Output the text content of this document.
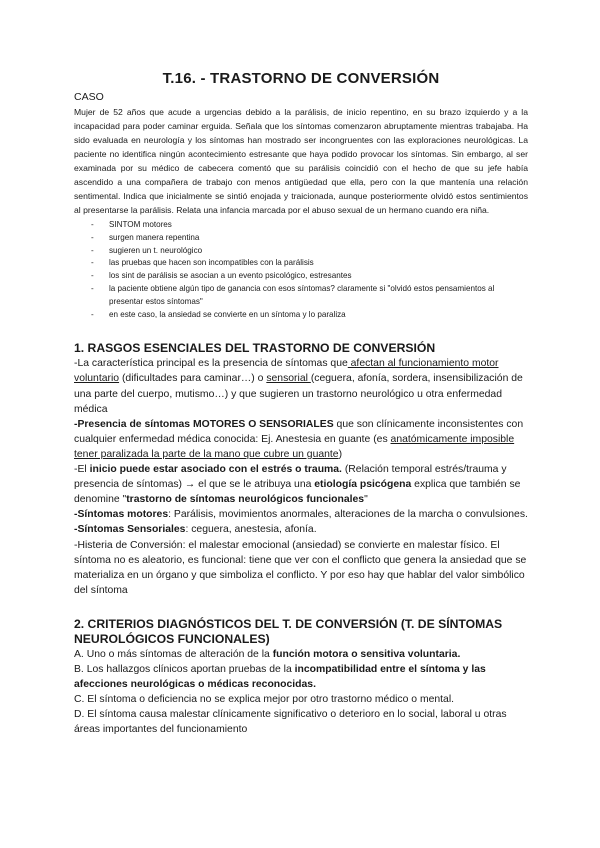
T.16. - TRASTORNO DE CONVERSIÓN
CASO

Mujer de 52 años que acude a urgencias debido a la parálisis, de inicio repentino, en su brazo izquierdo y a la incapacidad para poder caminar erguida. Señala que los síntomas comenzaron abruptamente mientras trabajaba. Ha sido evaluada en neurología y los síntomas han mostrado ser incongruentes con las exploraciones neurológicas. La paciente no identifica ningún acontecimiento estresante que haya podido provocar los síntomas. Sin embargo, al ser examinada por su médico de cabecera comentó que su parálisis coincidió con el hecho de que su jefe había ascendido a una compañera de trabajo con menos antigüedad que ella, pero con la que mantenía una relación sentimental. Indica que inicialmente se sintió enojada y traicionada, aunque posteriormente olvidó estos sentimientos al presentarse la parálisis. Relata una infancia marcada por el abuso sexual de un hermano cuando era niña.

- SINTOM motores
- surgen manera repentina
- sugieren un t. neurológico
- las pruebas que hacen son incompatibles con la parálisis
- los sint de parálisis se asocian a un evento psicológico, estresantes
- la paciente obtiene algún tipo de ganancia con esos síntomas? claramente si "olvidó estos pensamientos al presentar estos síntomas"
- en este caso, la ansiedad se convierte en un síntoma y lo paraliza
1. RASGOS ESENCIALES DEL TRASTORNO DE CONVERSIÓN

-La característica principal es la presencia de síntomas que afectan al funcionamiento motor voluntario (dificultades para caminar…) o sensorial (ceguera, afonía, sordera, insensibilización de una parte del cuerpo, mutismo…) y que sugieren un trastorno neurológico u otra enfermedad médica

-Presencia de síntomas MOTORES O SENSORIALES que son clínicamente inconsistentes con cualquier enfermedad médica conocida: Ej. Anestesia en guante (es anatómicamente imposible tener paralizada la parte de la mano que cubre un guante)

-El inicio puede estar asociado con el estrés o trauma. (Relación temporal estrés/trauma y presencia de síntomas) → el que se le atribuya una etiología psicógena explica que también se denomine "trastorno de síntomas neurológicos funcionales"

-Síntomas motores: Parálisis, movimientos anormales, alteraciones de la marcha o convulsiones.

-Síntomas Sensoriales: ceguera, anestesia, afonía.

-Histeria de Conversión: el malestar emocional (ansiedad) se convierte en malestar físico. El síntoma no es aleatorio, es funcional: tiene que ver con el conflicto que genera la ansiedad que se materializa en un órgano y que simboliza el conflicto. Y por eso hay que hablar del valor simbólico del síntoma

2. CRITERIOS DIAGNÓSTICOS DEL T. DE CONVERSIÓN (T. DE SÍNTOMAS NEUROLÓGICOS FUNCIONALES)

A. Uno o más síntomas de alteración de la función motora o sensitiva voluntaria.

B. Los hallazgos clínicos aportan pruebas de la incompatibilidad entre el síntoma y las afecciones neurológicas o médicas reconocidas.

C. El síntoma o deficiencia no se explica mejor por otro trastorno médico o mental.

D. El síntoma causa malestar clínicamente significativo o deterioro en lo social, laboral u otras áreas importantes del funcionamiento
